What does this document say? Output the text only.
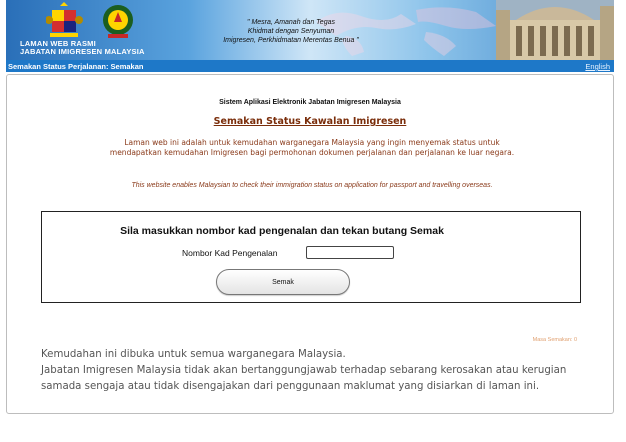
LAMAN WEB RASMI
JABATAN IMIGRESEN MALAYSIA
" Mesra, Amanah dan Tegas
Khidmat dengan Senyuman
Imigresen, Perkhidmatan Merentas Benua "
Semakan Status Perjalanan: Semakan	English
Sistem Aplikasi Elektronik Jabatan Imigresen Malaysia
Semakan Status Kawalan Imigresen
Laman web ini adalah untuk kemudahan warganegara Malaysia yang ingin menyemak status untuk mendapatkan kemudahan Imigresen bagi permohonan dokumen perjalanan dan perjalanan ke luar negara.
This website enables Malaysian to check their immigration status on application for passport and travelling overseas.
Sila masukkan nombor kad pengenalan dan tekan butang Semak
Nombor Kad Pengenalan
Semak
Masa Semakan: 0
Kemudahan ini dibuka untuk semua warganegara Malaysia.
Jabatan Imigresen Malaysia tidak akan bertanggungjawab terhadap sebarang kerosakan atau kerugian samada sengaja atau tidak disengajakan dari penggunaan maklumat yang disiarkan di laman ini.
